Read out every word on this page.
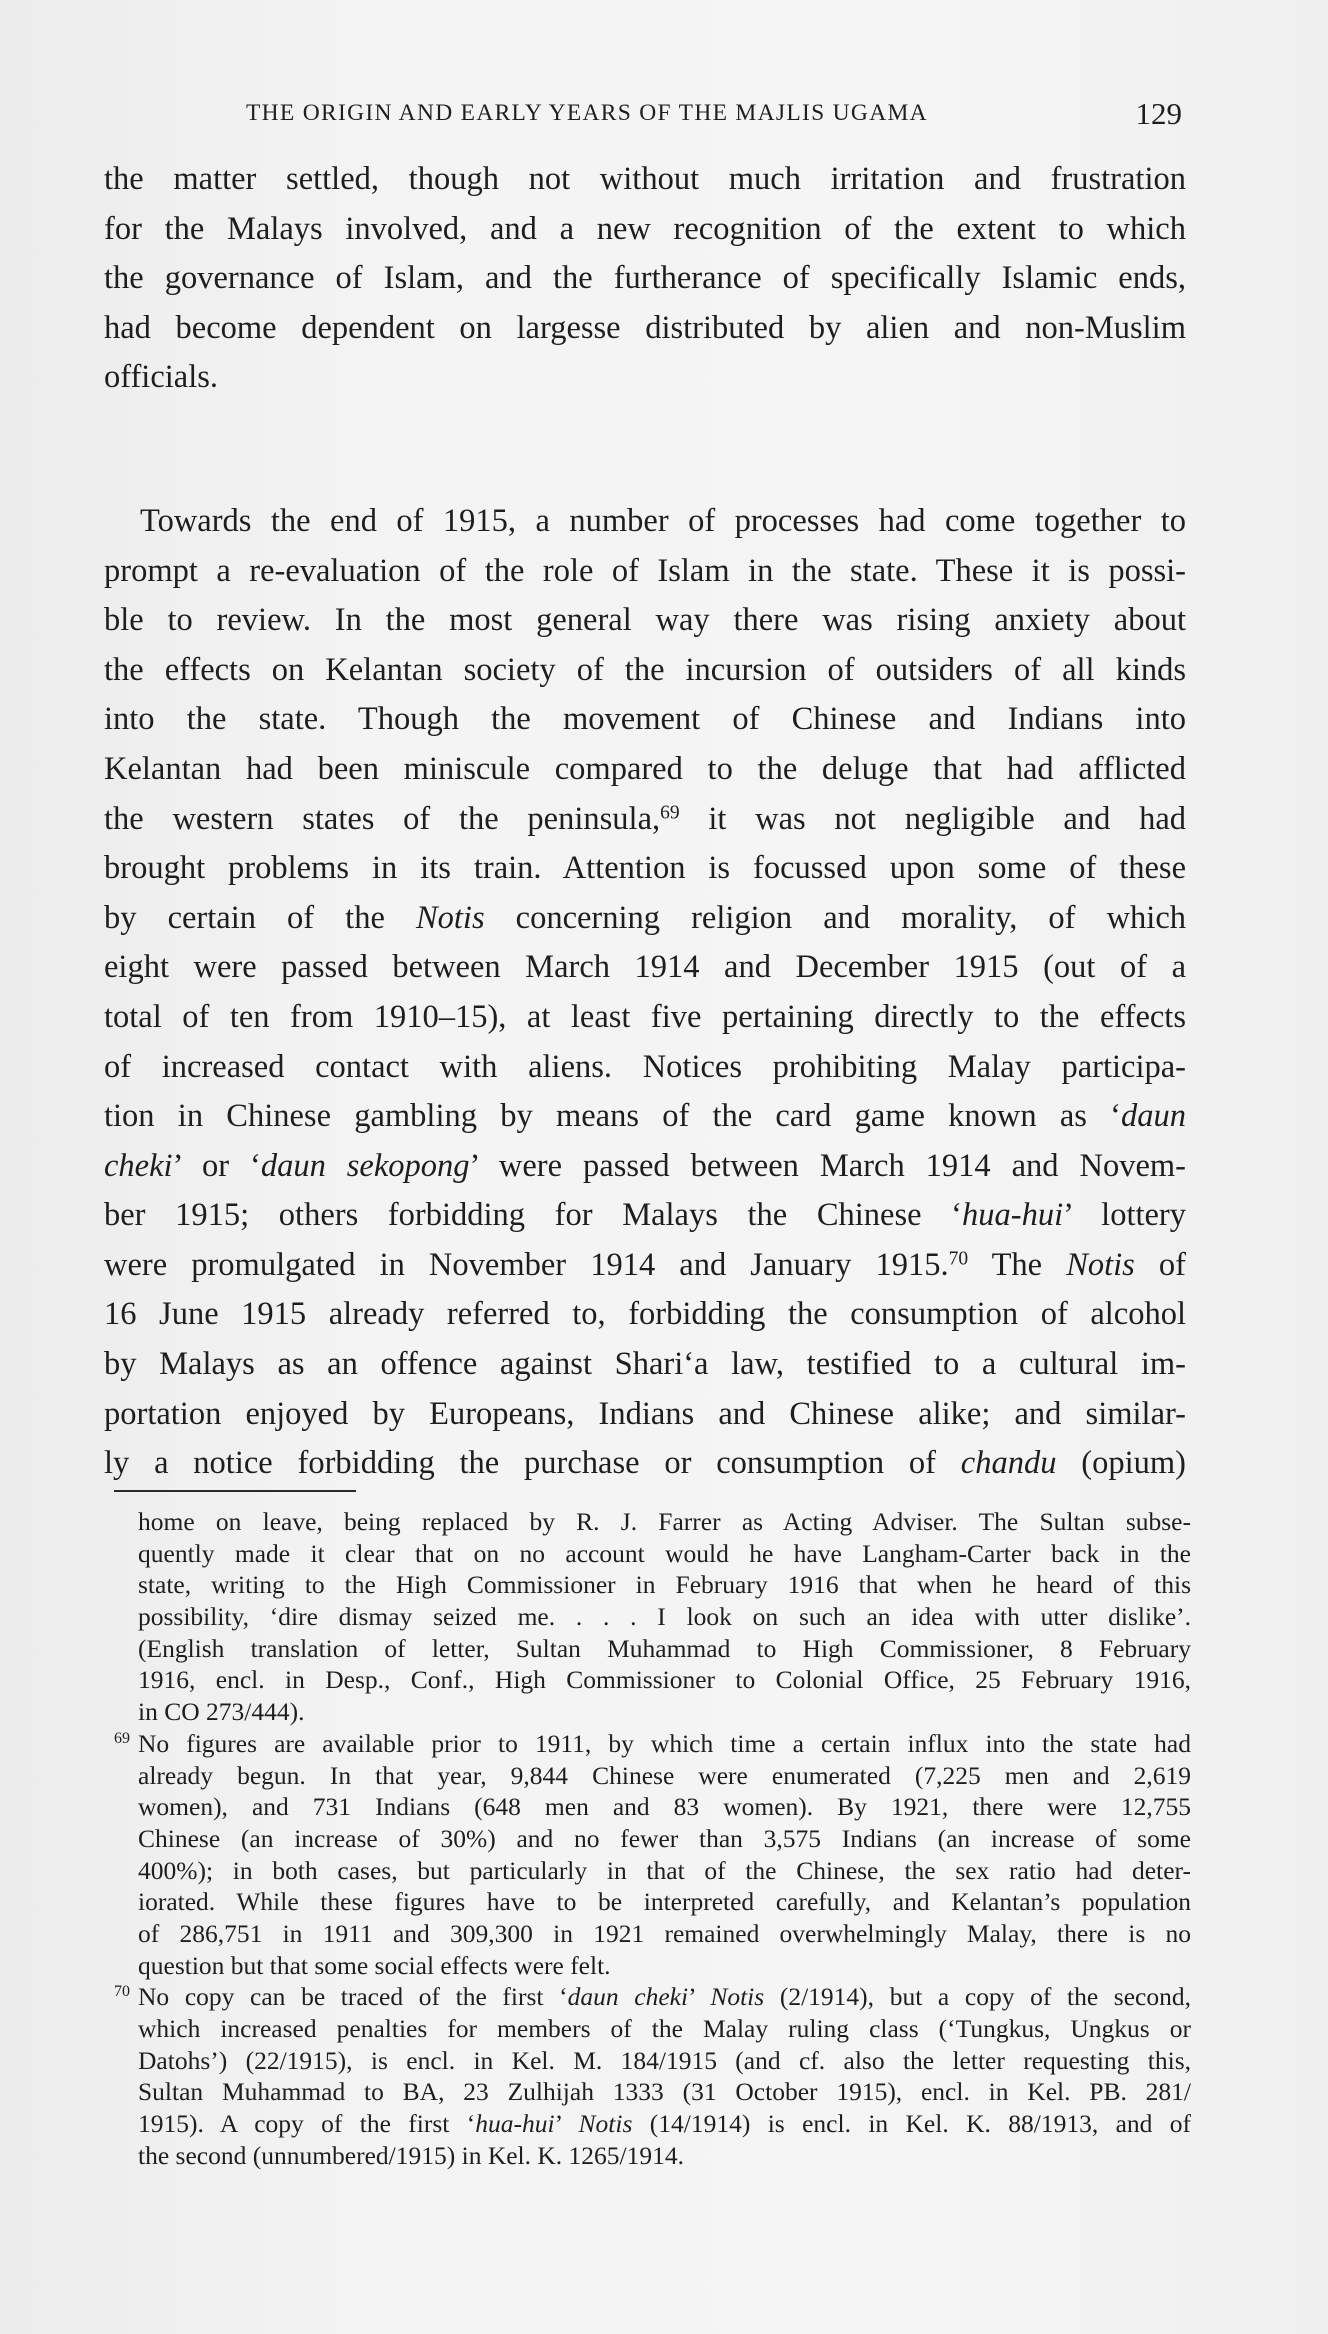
THE ORIGIN AND EARLY YEARS OF THE MAJLIS UGAMA	129
the matter settled, though not without much irritation and frustration
for the Malays involved, and a new recognition of the extent to which
the governance of Islam, and the furtherance of specifically Islamic ends,
had become dependent on largesse distributed by alien and non-Muslim
officials.
Towards the end of 1915, a number of processes had come together to
prompt a re-evaluation of the role of Islam in the state. These it is possi-
ble to review. In the most general way there was rising anxiety about
the effects on Kelantan society of the incursion of outsiders of all kinds
into the state. Though the movement of Chinese and Indians into
Kelantan had been miniscule compared to the deluge that had afflicted
the western states of the peninsula,$^{69}$ it was not negligible and had
brought problems in its train. Attention is focussed upon some of these
by certain of the Notis concerning religion and morality, of which
eight were passed between March 1914 and December 1915 (out of a
total of ten from 1910–15), at least five pertaining directly to the effects
of increased contact with aliens. Notices prohibiting Malay participa-
tion in Chinese gambling by means of the card game known as ‘daun
cheki’ or ‘daun sekopong’ were passed between March 1914 and Novem-
ber 1915; others forbidding for Malays the Chinese ‘hua-hui’ lottery
were promulgated in November 1914 and January 1915.70 The Notis of
16 June 1915 already referred to, forbidding the consumption of alcohol
by Malays as an offence against Shari‘a law, testified to a cultural im-
portation enjoyed by Europeans, Indians and Chinese alike; and similar-
ly a notice forbidding the purchase or consumption of chandu (opium)
home on leave, being replaced by R. J. Farrer as Acting Adviser. The Sultan subse-
quently made it clear that on no account would he have Langham-Carter back in the
state, writing to the High Commissioner in February 1916 that when he heard of this
possibility, ‘dire dismay seized me. . . . I look on such an idea with utter dislike’.
(English translation of letter, Sultan Muhammad to High Commissioner, 8 February
1916, encl. in Desp., Conf., High Commissioner to Colonial Office, 25 February 1916,
in CO 273/444).
69 No figures are available prior to 1911, by which time a certain influx into the state had
already begun. In that year, 9,844 Chinese were enumerated (7,225 men and 2,619
women), and 731 Indians (648 men and 83 women). By 1921, there were 12,755
Chinese (an increase of 30%) and no fewer than 3,575 Indians (an increase of some
400%); in both cases, but particularly in that of the Chinese, the sex ratio had deter-
iorated. While these figures have to be interpreted carefully, and Kelantan’s population
of 286,751 in 1911 and 309,300 in 1921 remained overwhelmingly Malay, there is no
question but that some social effects were felt.
70 No copy can be traced of the first ‘daun cheki’ Notis (2/1914), but a copy of the second,
which increased penalties for members of the Malay ruling class (‘Tungkus, Ungkus or
Datohs’) (22/1915), is encl. in Kel. M. 184/1915 (and cf. also the letter requesting this,
Sultan Muhammad to BA, 23 Zulhijah 1333 (31 October 1915), encl. in Kel. PB. 281/
1915). A copy of the first ‘hua-hui’ Notis (14/1914) is encl. in Kel. K. 88/1913, and of
the second (unnumbered/1915) in Kel. K. 1265/1914.
